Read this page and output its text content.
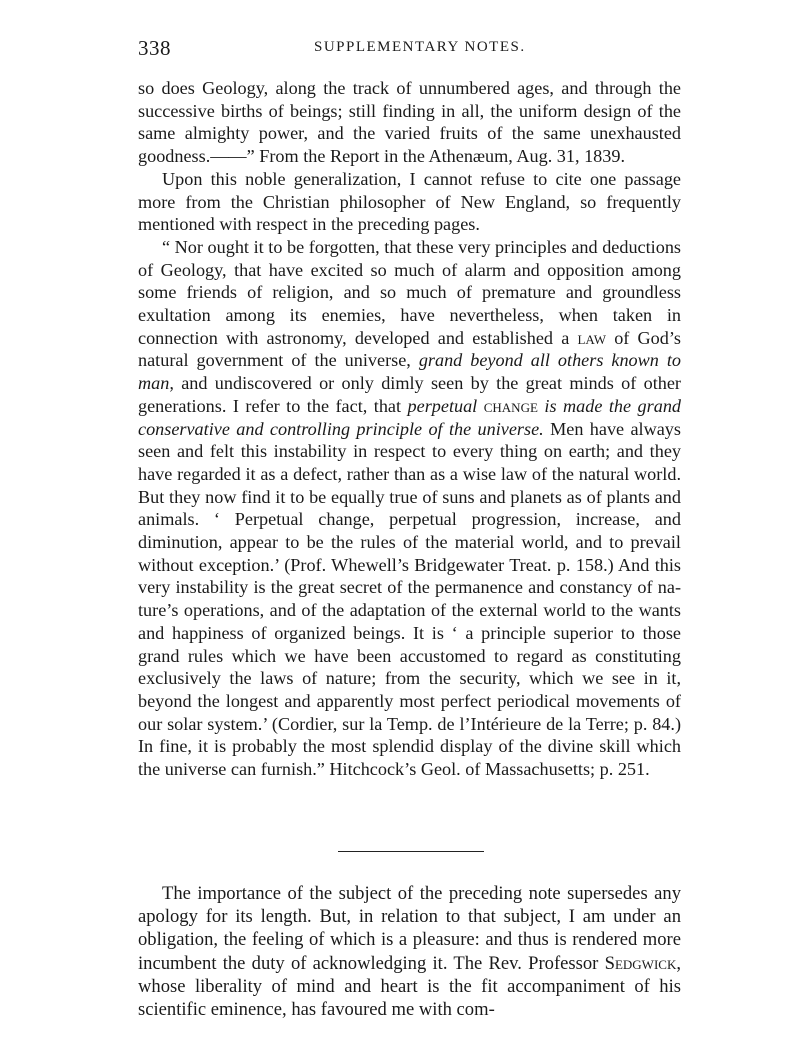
338	SUPPLEMENTARY NOTES.

so does Geology, along the track of unnumbered ages, and through the successive births of beings; still finding in all, the uniform design of the same almighty power, and the varied fruits of the same unexhausted goodness.——” From the Report in the Athenæum, Aug. 31, 1839.

Upon this noble generalization, I cannot refuse to cite one passage more from the Christian philosopher of New England, so frequently mentioned with respect in the preceding pages.

“ Nor ought it to be forgotten, that these very principles and deductions of Geology, that have excited so much of alarm and opposition among some friends of religion, and so much of premature and groundless exultation among its enemies, have nevertheless, when taken in connection with astronomy, developed and established a law of God’s natural government of the universe, grand beyond all others known to man, and undiscovered or only dimly seen by the great minds of other generations. I refer to the fact, that perpetual change is made the grand conservative and controlling principle of the universe. Men have always seen and felt this instability in respect to every thing on earth; and they have regarded it as a defect, rather than as a wise law of the natural world. But they now find it to be equally true of suns and planets as of plants and animals. ‘ Perpetual change, perpetual progression, increase, and diminution, appear to be the rules of the material world, and to prevail without exception.’ (Prof. Whewell’s Bridgewater Treat. p. 158.) And this very instability is the great secret of the permanence and constancy of nature’s operations, and of the adaptation of the external world to the wants and happiness of organized beings. It is ‘ a principle superior to those grand rules which we have been accustomed to regard as constituting exclusively the laws of nature; from the security, which we see in it, beyond the longest and apparently most perfect periodical movements of our solar system.’ (Cordier, sur la Temp. de l’Intérieure de la Terre; p. 84.) In fine, it is probably the most splendid display of the divine skill which the universe can furnish.” Hitchcock’s Geol. of Massachusetts; p. 251.

The importance of the subject of the preceding note supersedes any apology for its length. But, in relation to that subject, I am under an obligation, the feeling of which is a pleasure: and thus is rendered more incumbent the duty of acknowledging it. The Rev. Professor Sedgwick, whose liberality of mind and heart is the fit accompaniment of his scientific eminence, has favoured me with com-
